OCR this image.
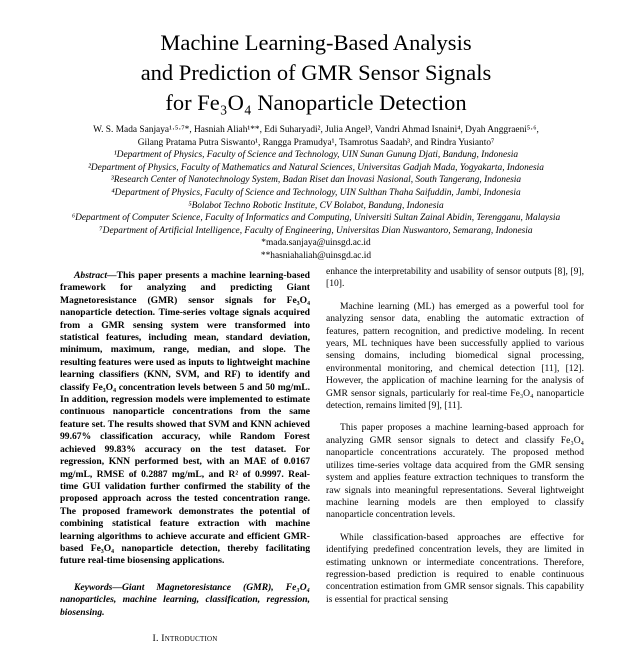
Machine Learning-Based Analysis
and Prediction of GMR Sensor Signals
for Fe₃O₄ Nanoparticle Detection
W. S. Mada Sanjaya¹·⁵·⁷*, Hasniah Aliah¹**, Edi Suharyadi², Julia Angel³, Vandri Ahmad Isnaini⁴, Dyah Anggraeni⁵·⁶,
Gilang Pratama Putra Siswanto¹, Rangga Pramudya¹, Tsamrotus Saadah³, and Rindra Yusianto⁷
¹Department of Physics, Faculty of Science and Technology, UIN Sunan Gunung Djati, Bandung, Indonesia
²Department of Physics, Faculty of Mathematics and Natural Sciences, Universitas Gadjah Mada, Yogyakarta, Indonesia
³Research Center of Nanotechnology System, Badan Riset dan Inovasi Nasional, South Tangerang, Indonesia
⁴Department of Physics, Faculty of Science and Technology, UIN Sulthan Thaha Saifuddin, Jambi, Indonesia
⁵Bolabot Techno Robotic Institute, CV Bolabot, Bandung, Indonesia
⁶Department of Computer Science, Faculty of Informatics and Computing, Universiti Sultan Zainal Abidin, Terengganu, Malaysia
⁷Department of Artificial Intelligence, Faculty of Engineering, Universitas Dian Nuswantoro, Semarang, Indonesia
*mada.sanjaya@uinsgd.ac.id
**hasniahaliah@uinsgd.ac.id

Abstract—This paper presents a machine learning-based framework for analyzing and predicting Giant Magnetoresistance (GMR) sensor signals for Fe₃O₄ nanoparticle detection. Time-series voltage signals acquired from a GMR sensing system were transformed into statistical features, including mean, standard deviation, minimum, maximum, range, median, and slope. The resulting features were used as inputs to lightweight machine learning classifiers (KNN, SVM, and RF) to identify and classify Fe₃O₄ concentration levels between 5 and 50 mg/mL. In addition, regression models were implemented to estimate continuous nanoparticle concentrations from the same feature set. The results showed that SVM and KNN achieved 99.67% classification accuracy, while Random Forest achieved 99.83% accuracy on the test dataset. For regression, KNN performed best, with an MAE of 0.0167 mg/mL, RMSE of 0.2887 mg/mL, and R² of 0.9997. Real-time GUI validation further confirmed the stability of the proposed approach across the tested concentration range. The proposed framework demonstrates the potential of combining statistical feature extraction with machine learning algorithms to achieve accurate and efficient GMR-based Fe₃O₄ nanoparticle detection, thereby facilitating future real-time biosensing applications.

Keywords—Giant Magnetoresistance (GMR), Fe₃O₄ nanoparticles, machine learning, classification, regression, biosensing.

I. Introduction

enhance the interpretability and usability of sensor outputs [8], [9], [10].

Machine learning (ML) has emerged as a powerful tool for analyzing sensor data, enabling the automatic extraction of features, pattern recognition, and predictive modeling. In recent years, ML techniques have been successfully applied to various sensing domains, including biomedical signal processing, environmental monitoring, and chemical detection [11], [12]. However, the application of machine learning for the analysis of GMR sensor signals, particularly for real-time Fe₃O₄ nanoparticle detection, remains limited [9], [11].

This paper proposes a machine learning-based approach for analyzing GMR sensor signals to detect and classify Fe₃O₄ nanoparticle concentrations accurately. The proposed method utilizes time-series voltage data acquired from the GMR sensing system and applies feature extraction techniques to transform the raw signals into meaningful representations. Several lightweight machine learning models are then employed to classify nanoparticle concentration levels.

While classification-based approaches are effective for identifying predefined concentration levels, they are limited in estimating unknown or intermediate concentrations. Therefore, regression-based prediction is required to enable continuous concentration estimation from GMR sensor signals. This capability is essential for practical sensing
